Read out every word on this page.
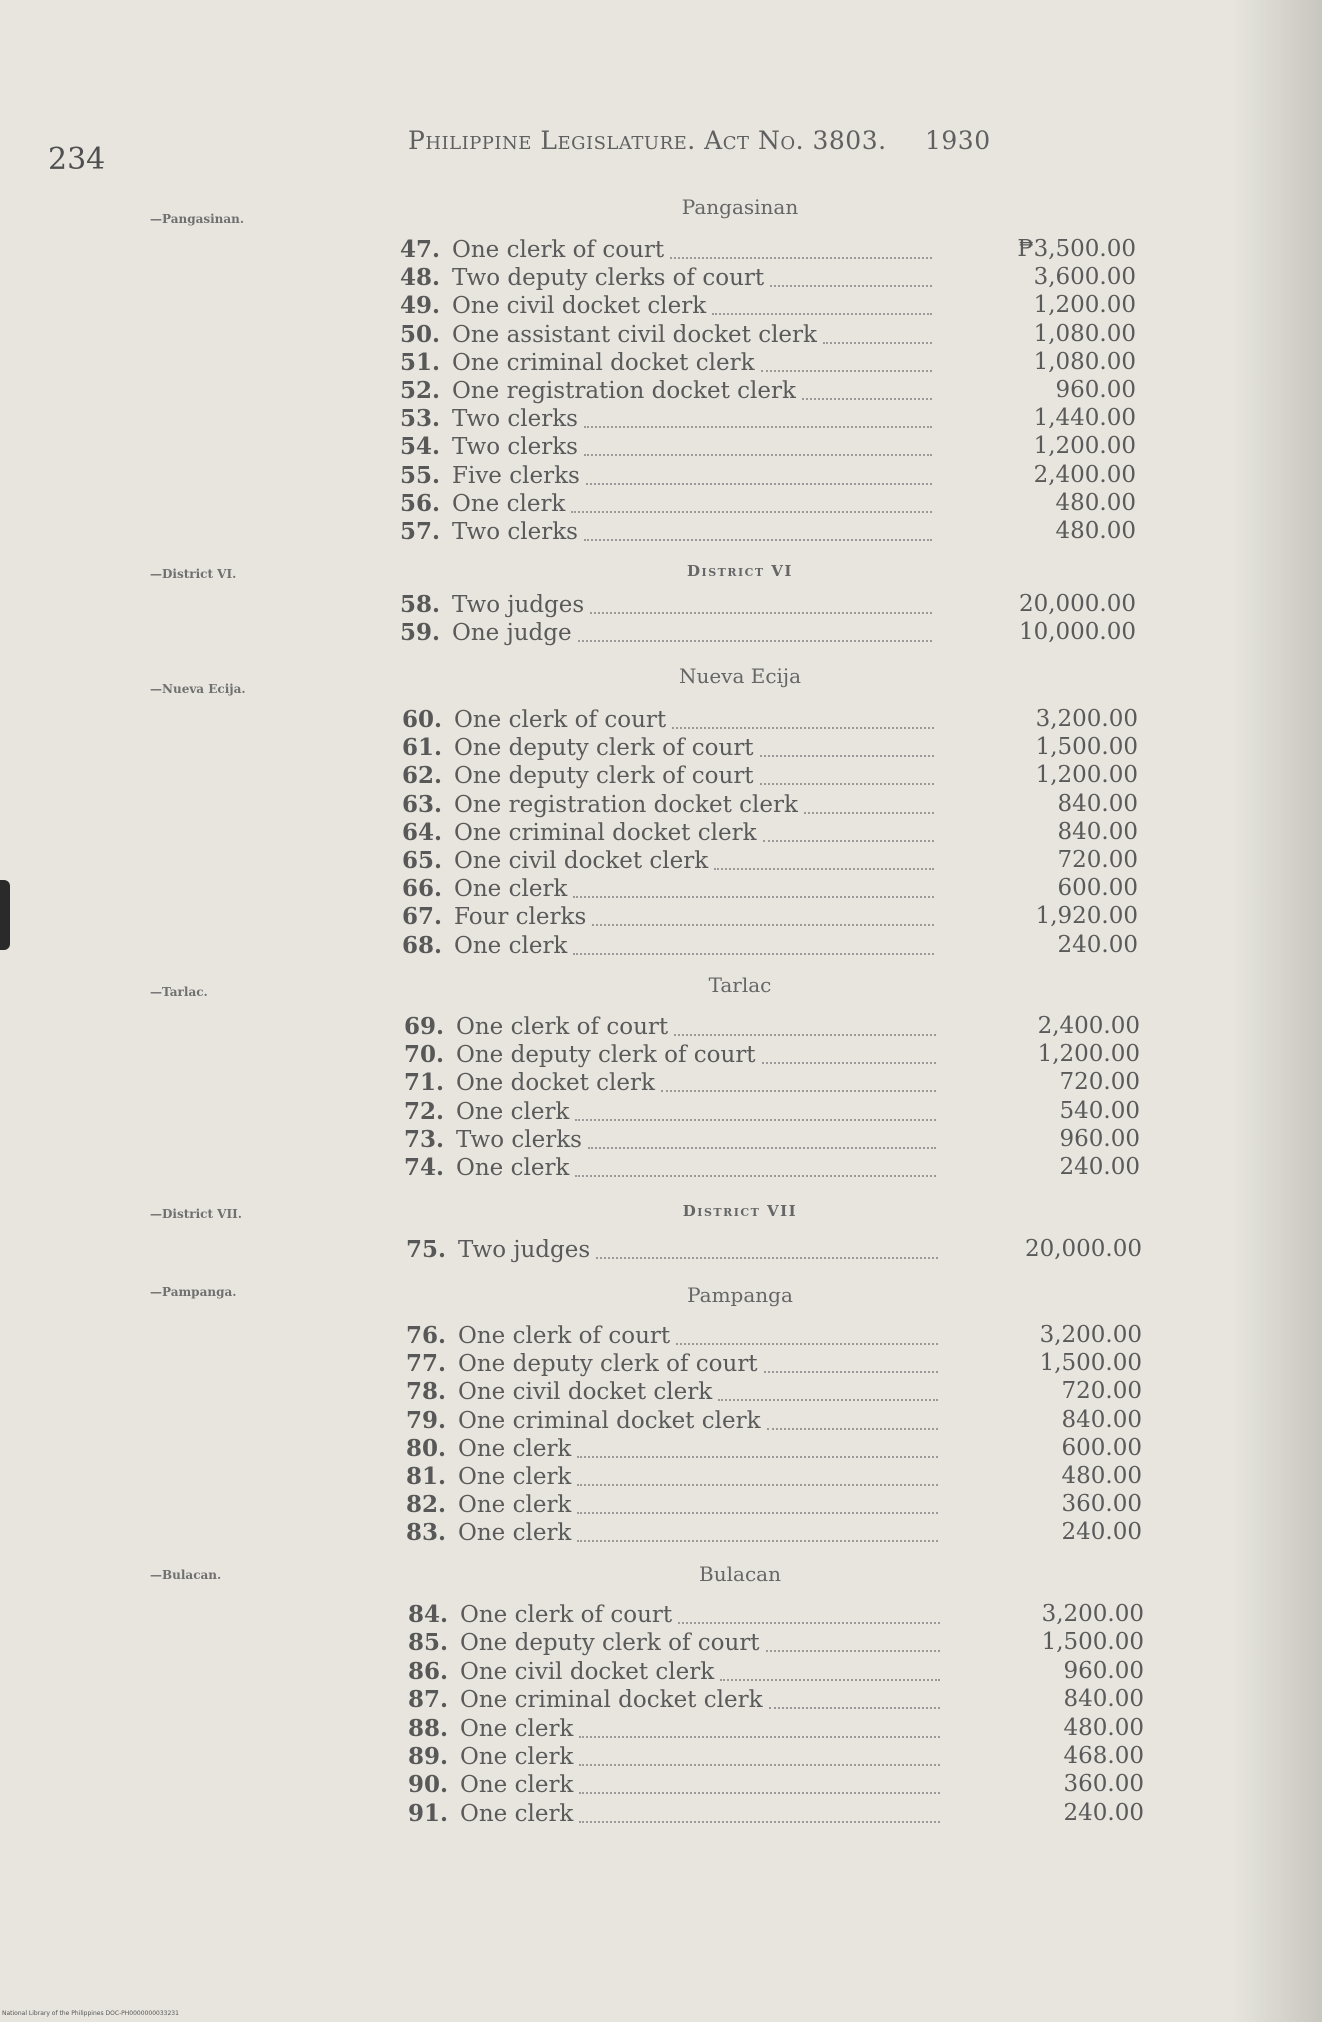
234
Philippine Legislature. Act No. 3803. 1930
—Pangasinan.	Pangasinan
47. One clerk of court	₱3,500.00
48. Two deputy clerks of court	3,600.00
49. One civil docket clerk	1,200.00
50. One assistant civil docket clerk	1,080.00
51. One criminal docket clerk	1,080.00
52. One registration docket clerk	960.00
53. Two clerks	1,440.00
54. Two clerks	1,200.00
55. Five clerks	2,400.00
56. One clerk	480.00
57. Two clerks	480.00
—District VI.	District VI
58. Two judges	20,000.00
59. One judge	10,000.00
—Nueva Ecija.
Nueva Ecija
60. One clerk of court	3,200.00
61. One deputy clerk of court	1,500.00
62. One deputy clerk of court	1,200.00
63. One registration docket clerk	840.00
64. One criminal docket clerk	840.00
65. One civil docket clerk	720.00
66. One clerk	600.00
67. Four clerks	1,920.00
68. One clerk	240.00
—Tarlac.	Tarlac
69. One clerk of court	2,400.00
70. One deputy clerk of court	1,200.00
71. One docket clerk	720.00
72. One clerk	540.00
73. Two clerks	960.00
74. One clerk	240.00
—District VII.	District VII
75. Two judges	20,000.00
—Pampanga.	Pampanga
76. One clerk of court	3,200.00
77. One deputy clerk of court	1,500.00
78. One civil docket clerk	720.00
79. One criminal docket clerk	840.00
80. One clerk	600.00
81. One clerk	480.00
82. One clerk	360.00
83. One clerk	240.00
—Bulacan.	Bulacan
84. One clerk of court	3,200.00
85. One deputy clerk of court	1,500.00
86. One civil docket clerk	960.00
87. One criminal docket clerk	840.00
88. One clerk	480.00
89. One clerk	468.00
90. One clerk	360.00
91. One clerk	240.00
National Library of the Philippines DOC-PH0000000033231
